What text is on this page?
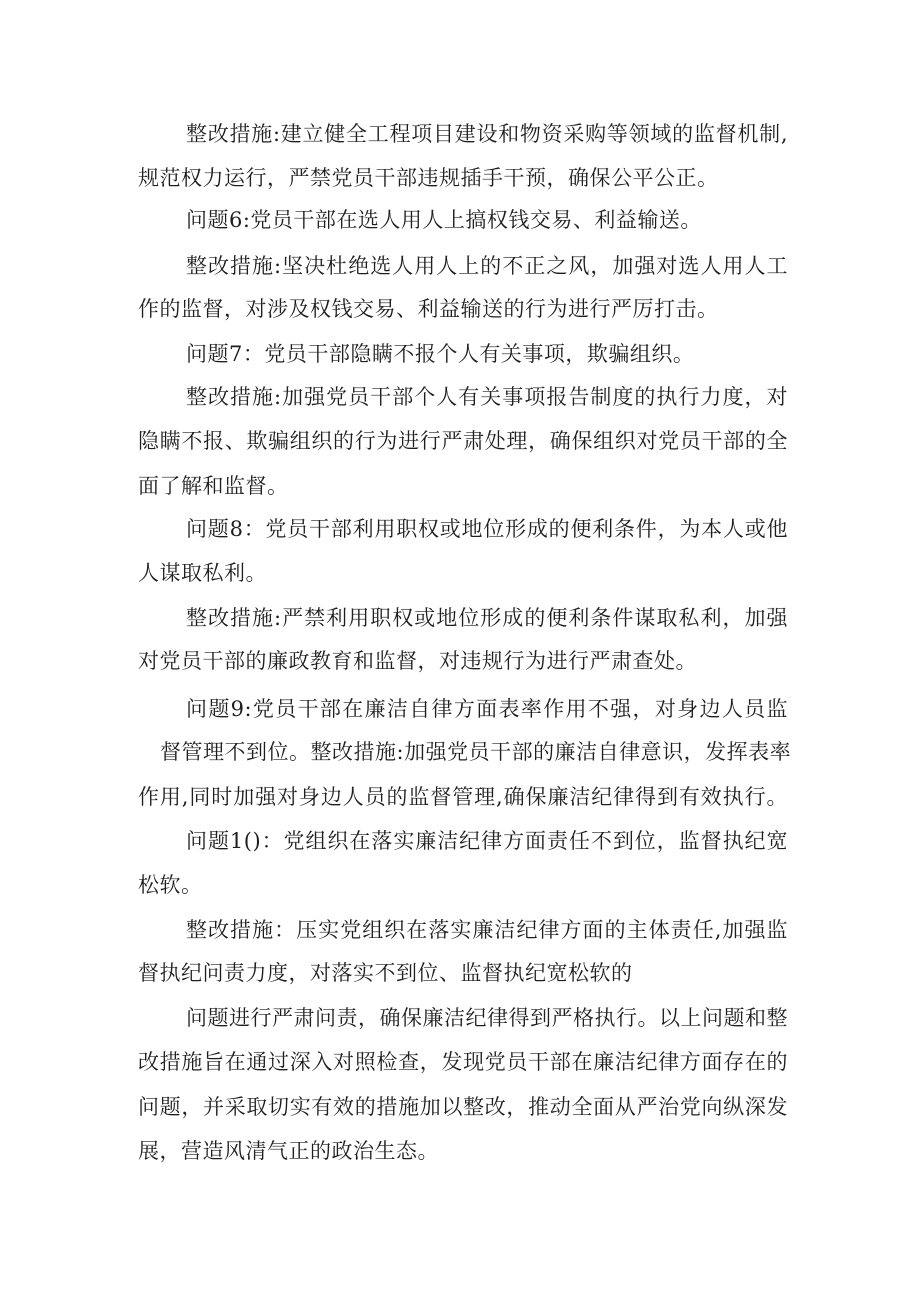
整改措施:建立健全工程项目建设和物资采购等领域的监督机制,

规范权力运行，严禁党员干部违规插手干预，确保公平公正。

问题6:党员干部在选人用人上搞权钱交易、利益输送。

整改措施:坚决杜绝选人用人上的不正之风，加强对选人用人工

作的监督，对涉及权钱交易、利益输送的行为进行严厉打击。

问题7：党员干部隐瞒不报个人有关事项，欺骗组织。

整改措施:加强党员干部个人有关事项报告制度的执行力度，对

隐瞒不报、欺骗组织的行为进行严肃处理，确保组织对党员干部的全

面了解和监督。

问题8：党员干部利用职权或地位形成的便利条件，为本人或他

人谋取私利。

整改措施:严禁利用职权或地位形成的便利条件谋取私利，加强

对党员干部的廉政教育和监督，对违规行为进行严肃查处。

问题9:党员干部在廉洁自律方面表率作用不强，对身边人员监

督管理不到位。整改措施:加强党员干部的廉洁自律意识，发挥表率

作用,同时加强对身边人员的监督管理,确保廉洁纪律得到有效执行。

问题1()：党组织在落实廉洁纪律方面责任不到位，监督执纪宽

松软。

整改措施：压实党组织在落实廉洁纪律方面的主体责任,加强监

督执纪问责力度，对落实不到位、监督执纪宽松软的

问题进行严肃问责，确保廉洁纪律得到严格执行。以上问题和整

改措施旨在通过深入对照检查，发现党员干部在廉洁纪律方面存在的

问题，并采取切实有效的措施加以整改，推动全面从严治党向纵深发

展，营造风清气正的政治生态。
